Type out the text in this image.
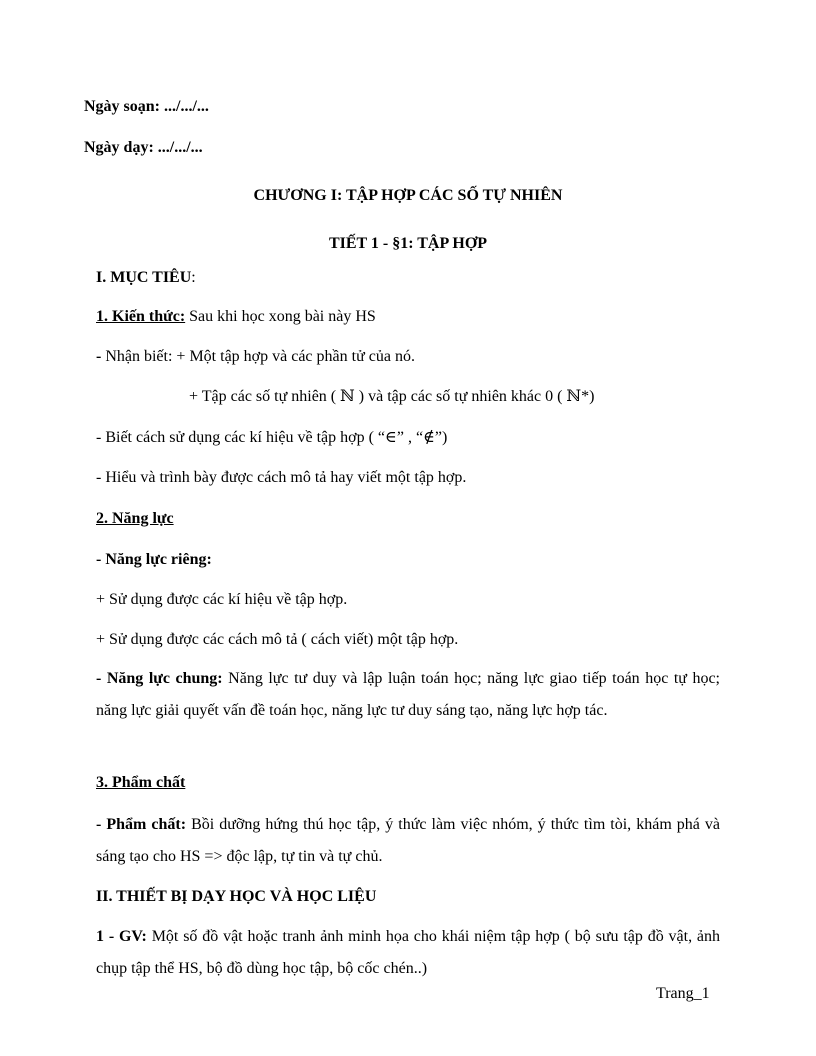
Ngày soạn: .../.../...
Ngày dạy: .../.../...
CHƯƠNG I: TẬP HỢP CÁC SỐ TỰ NHIÊN
TIẾT 1 - §1: TẬP HỢP
I. MỤC TIÊU:
1. Kiến thức: Sau khi học xong bài này HS
- Nhận biết: + Một tập hợp và các phần tử của nó.
+ Tập các số tự nhiên ( ℕ ) và tập các số tự nhiên khác 0 ( ℕ*)
- Biết cách sử dụng các kí hiệu về tập hợp ( “∈” , “∉”)
- Hiểu và trình bày được cách mô tả hay viết một tập hợp.
2. Năng lực
- Năng lực riêng:
+ Sử dụng được các kí hiệu về tập hợp.
+ Sử dụng được các cách mô tả ( cách viết) một tập hợp.
- Năng lực chung: Năng lực tư duy và lập luận toán học; năng lực giao tiếp toán học tự học; năng lực giải quyết vấn đề toán học, năng lực tư duy sáng tạo, năng lực hợp tác.
3. Phẩm chất
- Phẩm chất: Bồi dưỡng hứng thú học tập, ý thức làm việc nhóm, ý thức tìm tòi, khám phá và sáng tạo cho HS => độc lập, tự tin và tự chủ.
II. THIẾT BỊ DẠY HỌC VÀ HỌC LIỆU
1 - GV: Một số đồ vật hoặc tranh ảnh minh họa cho khái niệm tập hợp ( bộ sưu tập đồ vật, ảnh chụp tập thể HS, bộ đồ dùng học tập, bộ cốc chén..)
Trang_1
